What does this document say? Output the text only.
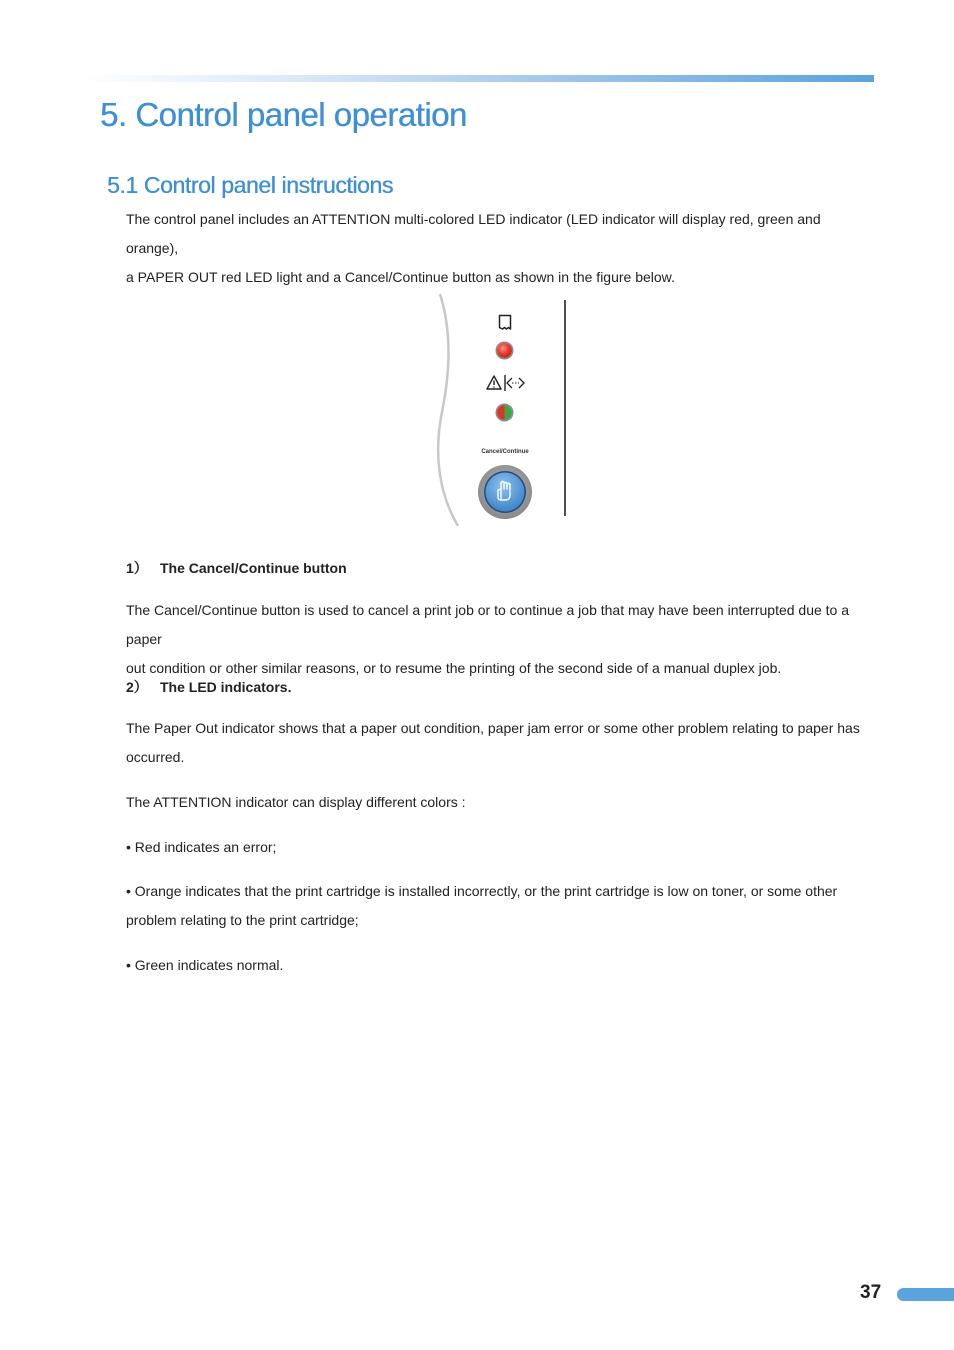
5. Control panel operation
5.1 Control panel instructions

The control panel includes an ATTENTION multi-colored LED indicator (LED indicator will display red, green and orange),
a PAPER OUT red LED light and a Cancel/Continue button as shown in the figure below.

Cancel/Continue
1） The Cancel/Continue button

The Cancel/Continue button is used to cancel a print job or to continue a job that may have been interrupted due to a paper
out condition or other similar reasons, or to resume the printing of the second side of a manual duplex job.

2） The LED indicators.

The Paper Out indicator shows that a paper out condition, paper jam error or some other problem relating to paper has
occurred.

The ATTENTION indicator can display different colors :

• Red indicates an error;

• Orange indicates that the print cartridge is installed incorrectly, or the print cartridge is low on toner, or some other
problem relating to the print cartridge;

• Green indicates normal.

37
